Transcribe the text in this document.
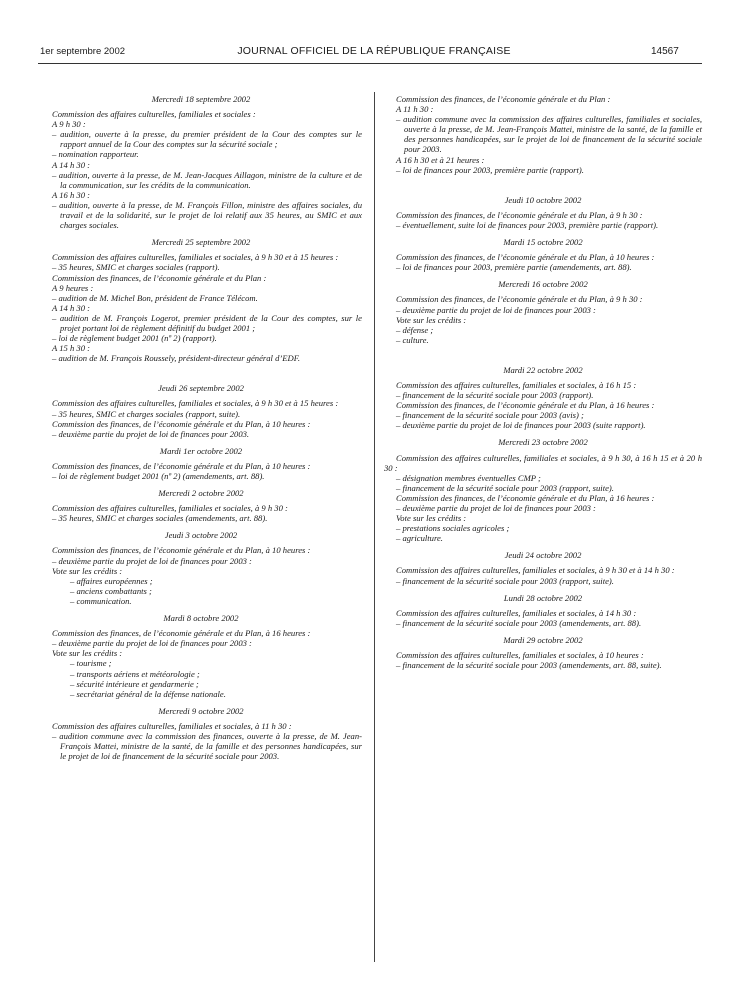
1er septembre 2002	JOURNAL OFFICIEL DE LA RÉPUBLIQUE FRANÇAISE	14567
Mercredi 18 septembre 2002
Commission des affaires culturelles, familiales et sociales :
A 9 h 30 :
– audition, ouverte à la presse, du premier président de la Cour des comptes sur le rapport annuel de la Cour des comptes sur la sécurité sociale ;
– nomination rapporteur.
A 14 h 30 :
– audition, ouverte à la presse, de M. Jean-Jacques Aillagon, ministre de la culture et de la communication, sur les crédits de la communication.
A 16 h 30 :
– audition, ouverte à la presse, de M. François Fillon, ministre des affaires sociales, du travail et de la solidarité, sur le projet de loi relatif aux 35 heures, au SMIC et aux charges sociales.
Mercredi 25 septembre 2002
Commission des affaires culturelles, familiales et sociales, à 9 h 30 et à 15 heures :
– 35 heures, SMIC et charges sociales (rapport).
Commission des finances, de l’économie générale et du Plan :
A 9 heures :
– audition de M. Michel Bon, président de France Télécom.
A 14 h 30 :
– audition de M. François Logerot, premier président de la Cour des comptes, sur le projet portant loi de règlement définitif du budget 2001 ;
– loi de règlement budget 2001 (nº 2) (rapport).
A 15 h 30 :
– audition de M. François Roussely, président-directeur général d’EDF.
Jeudi 26 septembre 2002
Commission des affaires culturelles, familiales et sociales, à 9 h 30 et à 15 heures :
– 35 heures, SMIC et charges sociales (rapport, suite).
Commission des finances, de l’économie générale et du Plan, à 10 heures :
– deuxième partie du projet de loi de finances pour 2003.
Mardi 1er octobre 2002
Commission des finances, de l’économie générale et du Plan, à 10 heures :
– loi de règlement budget 2001 (nº 2) (amendements, art. 88).
Mercredi 2 octobre 2002
Commission des affaires culturelles, familiales et sociales, à 9 h 30 :
– 35 heures, SMIC et charges sociales (amendements, art. 88).
Jeudi 3 octobre 2002
Commission des finances, de l’économie générale et du Plan, à 10 heures :
– deuxième partie du projet de loi de finances pour 2003 :
Vote sur les crédits :
– affaires européennes ;
– anciens combattants ;
– communication.
Mardi 8 octobre 2002
Commission des finances, de l’économie générale et du Plan, à 16 heures :
– deuxième partie du projet de loi de finances pour 2003 :
Vote sur les crédits :
– tourisme ;
– transports aériens et météorologie ;
– sécurité intérieure et gendarmerie ;
– secrétariat général de la défense nationale.
Mercredi 9 octobre 2002
Commission des affaires culturelles, familiales et sociales, à 11 h 30 :
– audition commune avec la commission des finances, ouverte à la presse, de M. Jean-François Mattei, ministre de la santé, de la famille et des personnes handicapées, sur le projet de loi de financement de la sécurité sociale pour 2003.
Commission des finances, de l’économie générale et du Plan :
A 11 h 30 :
– audition commune avec la commission des affaires culturelles, familiales et sociales, ouverte à la presse, de M. Jean-François Mattei, ministre de la santé, de la famille et des personnes handicapées, sur le projet de loi de financement de la sécurité sociale pour 2003.
A 16 h 30 et à 21 heures :
– loi de finances pour 2003, première partie (rapport).
Jeudi 10 octobre 2002
Commission des finances, de l’économie générale et du Plan, à 9 h 30 :
– éventuellement, suite loi de finances pour 2003, première partie (rapport).
Mardi 15 octobre 2002
Commission des finances, de l’économie générale et du Plan, à 10 heures :
– loi de finances pour 2003, première partie (amendements, art. 88).
Mercredi 16 octobre 2002
Commission des finances, de l’économie générale et du Plan, à 9 h 30 :
– deuxième partie du projet de loi de finances pour 2003 :
Vote sur les crédits :
– défense ;
– culture.
Mardi 22 octobre 2002
Commission des affaires culturelles, familiales et sociales, à 16 h 15 :
– financement de la sécurité sociale pour 2003 (rapport).
Commission des finances, de l’économie générale et du Plan, à 16 heures :
– financement de la sécurité sociale pour 2003 (avis) ;
– deuxième partie du projet de loi de finances pour 2003 (suite rapport).
Mercredi 23 octobre 2002
Commission des affaires culturelles, familiales et sociales, à 9 h 30, à 16 h 15 et à 20 h 30 :
– désignation membres éventuelles CMP ;
– financement de la sécurité sociale pour 2003 (rapport, suite).
Commission des finances, de l’économie générale et du Plan, à 16 heures :
– deuxième partie du projet de loi de finances pour 2003 :
Vote sur les crédits :
– prestations sociales agricoles ;
– agriculture.
Jeudi 24 octobre 2002
Commission des affaires culturelles, familiales et sociales, à 9 h 30 et à 14 h 30 :
– financement de la sécurité sociale pour 2003 (rapport, suite).
Lundi 28 octobre 2002
Commission des affaires culturelles, familiales et sociales, à 14 h 30 :
– financement de la sécurité sociale pour 2003 (amendements, art. 88).
Mardi 29 octobre 2002
Commission des affaires culturelles, familiales et sociales, à 10 heures :
– financement de la sécurité sociale pour 2003 (amendements, art. 88, suite).
